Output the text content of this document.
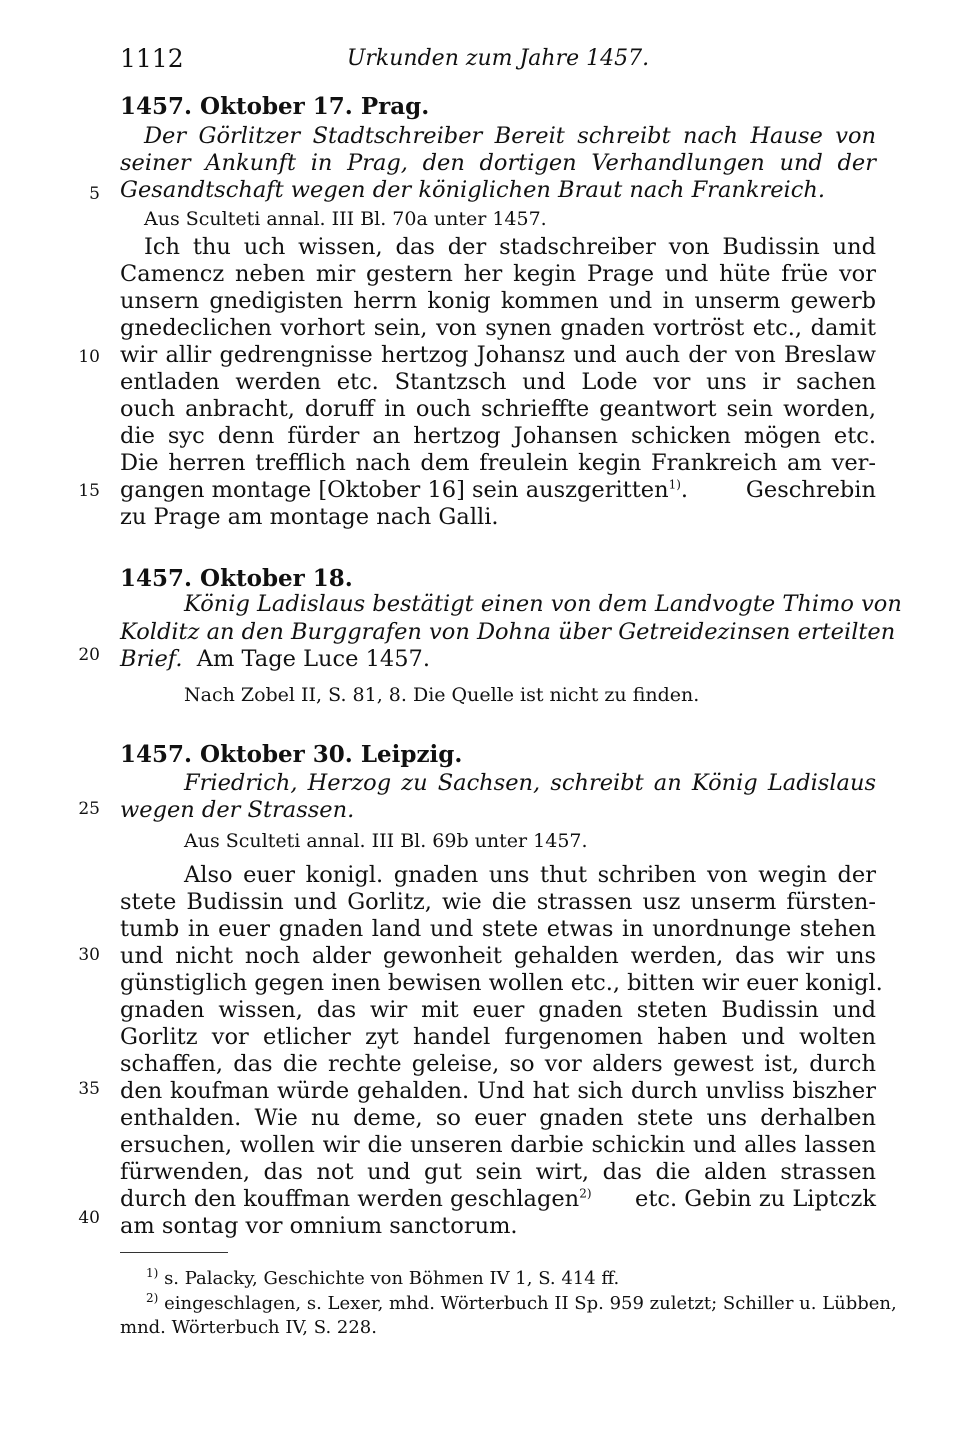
1112	Urkunden zum Jahre 1457.
5
10
15
20
25
30
35
40
1457. Oktober 17. Prag.
Der Görlitzer Stadtschreiber Bereit schreibt nach Hause von
seiner Ankunft in Prag, den dortigen Verhandlungen und der
Gesandtschaft wegen der königlichen Braut nach Frankreich.
Aus Sculteti annal. III Bl. 70a unter 1457.
Ich thu uch wissen, das der stadschreiber von Budissin und
Camencz neben mir gestern her kegin Prage und hüte früe vor
unsern gnedigisten herrn konig kommen und in unserm gewerb
gnedeclichen vorhort sein, von synen gnaden vortröst etc., damit
wir allir gedrengnisse hertzog Johansz und auch der von Breslaw
entladen werden etc. Stantzsch und Lode vor uns ir sachen
ouch anbracht, doruff in ouch schrieffte geantwort sein worden,
die syc denn fürder an hertzog Johansen schicken mögen etc.
Die herren trefflich nach dem freulein kegin Frankreich am ver-
gangen montage [Oktober 16] sein auszgeritten$^{1)}$.	Geschrebin
zu Prage am montage nach Galli.
1457. Oktober 18.
König Ladislaus bestätigt einen von dem Landvogte Thimo von
Kolditz an den Burggrafen von Dohna über Getreidezinsen erteilten
Brief. Am Tage Luce 1457.
Nach Zobel II, S. 81, 8. Die Quelle ist nicht zu finden.
1457. Oktober 30. Leipzig.
Friedrich, Herzog zu Sachsen, schreibt an König Ladislaus
wegen der Strassen.
Aus Sculteti annal. III Bl. 69b unter 1457.
Also euer konigl. gnaden uns thut schriben von wegin der
stete Budissin und Gorlitz, wie die strassen usz unserm fürsten-
tumb in euer gnaden land und stete etwas in unordnunge stehen
und nicht noch alder gewonheit gehalden werden, das wir uns
günstiglich gegen inen bewisen wollen etc., bitten wir euer konigl.
gnaden wissen, das wir mit euer gnaden steten Budissin und
Gorlitz vor etlicher zyt handel furgenomen haben und wolten
schaffen, das die rechte geleise, so vor alders gewest ist, durch
den koufman würde gehalden. Und hat sich durch unvliss biszher
enthalden. Wie nu deme, so euer gnaden stete uns derhalben
ersuchen, wollen wir die unseren darbie schickin und alles lassen
fürwenden, das not und gut sein wirt, das die alden strassen
durch den kouffman werden geschlagen$^{2)}$ etc. Gebin zu Liptczk
am sontag vor omnium sanctorum.
$^{1)}$ s. Palacky, Geschichte von Böhmen IV 1, S. 414 ff.
$^{2)}$ eingeschlagen, s. Lexer, mhd. Wörterbuch II Sp. 959 zuletzt; Schiller u. Lübben,
mnd. Wörterbuch IV, S. 228.
